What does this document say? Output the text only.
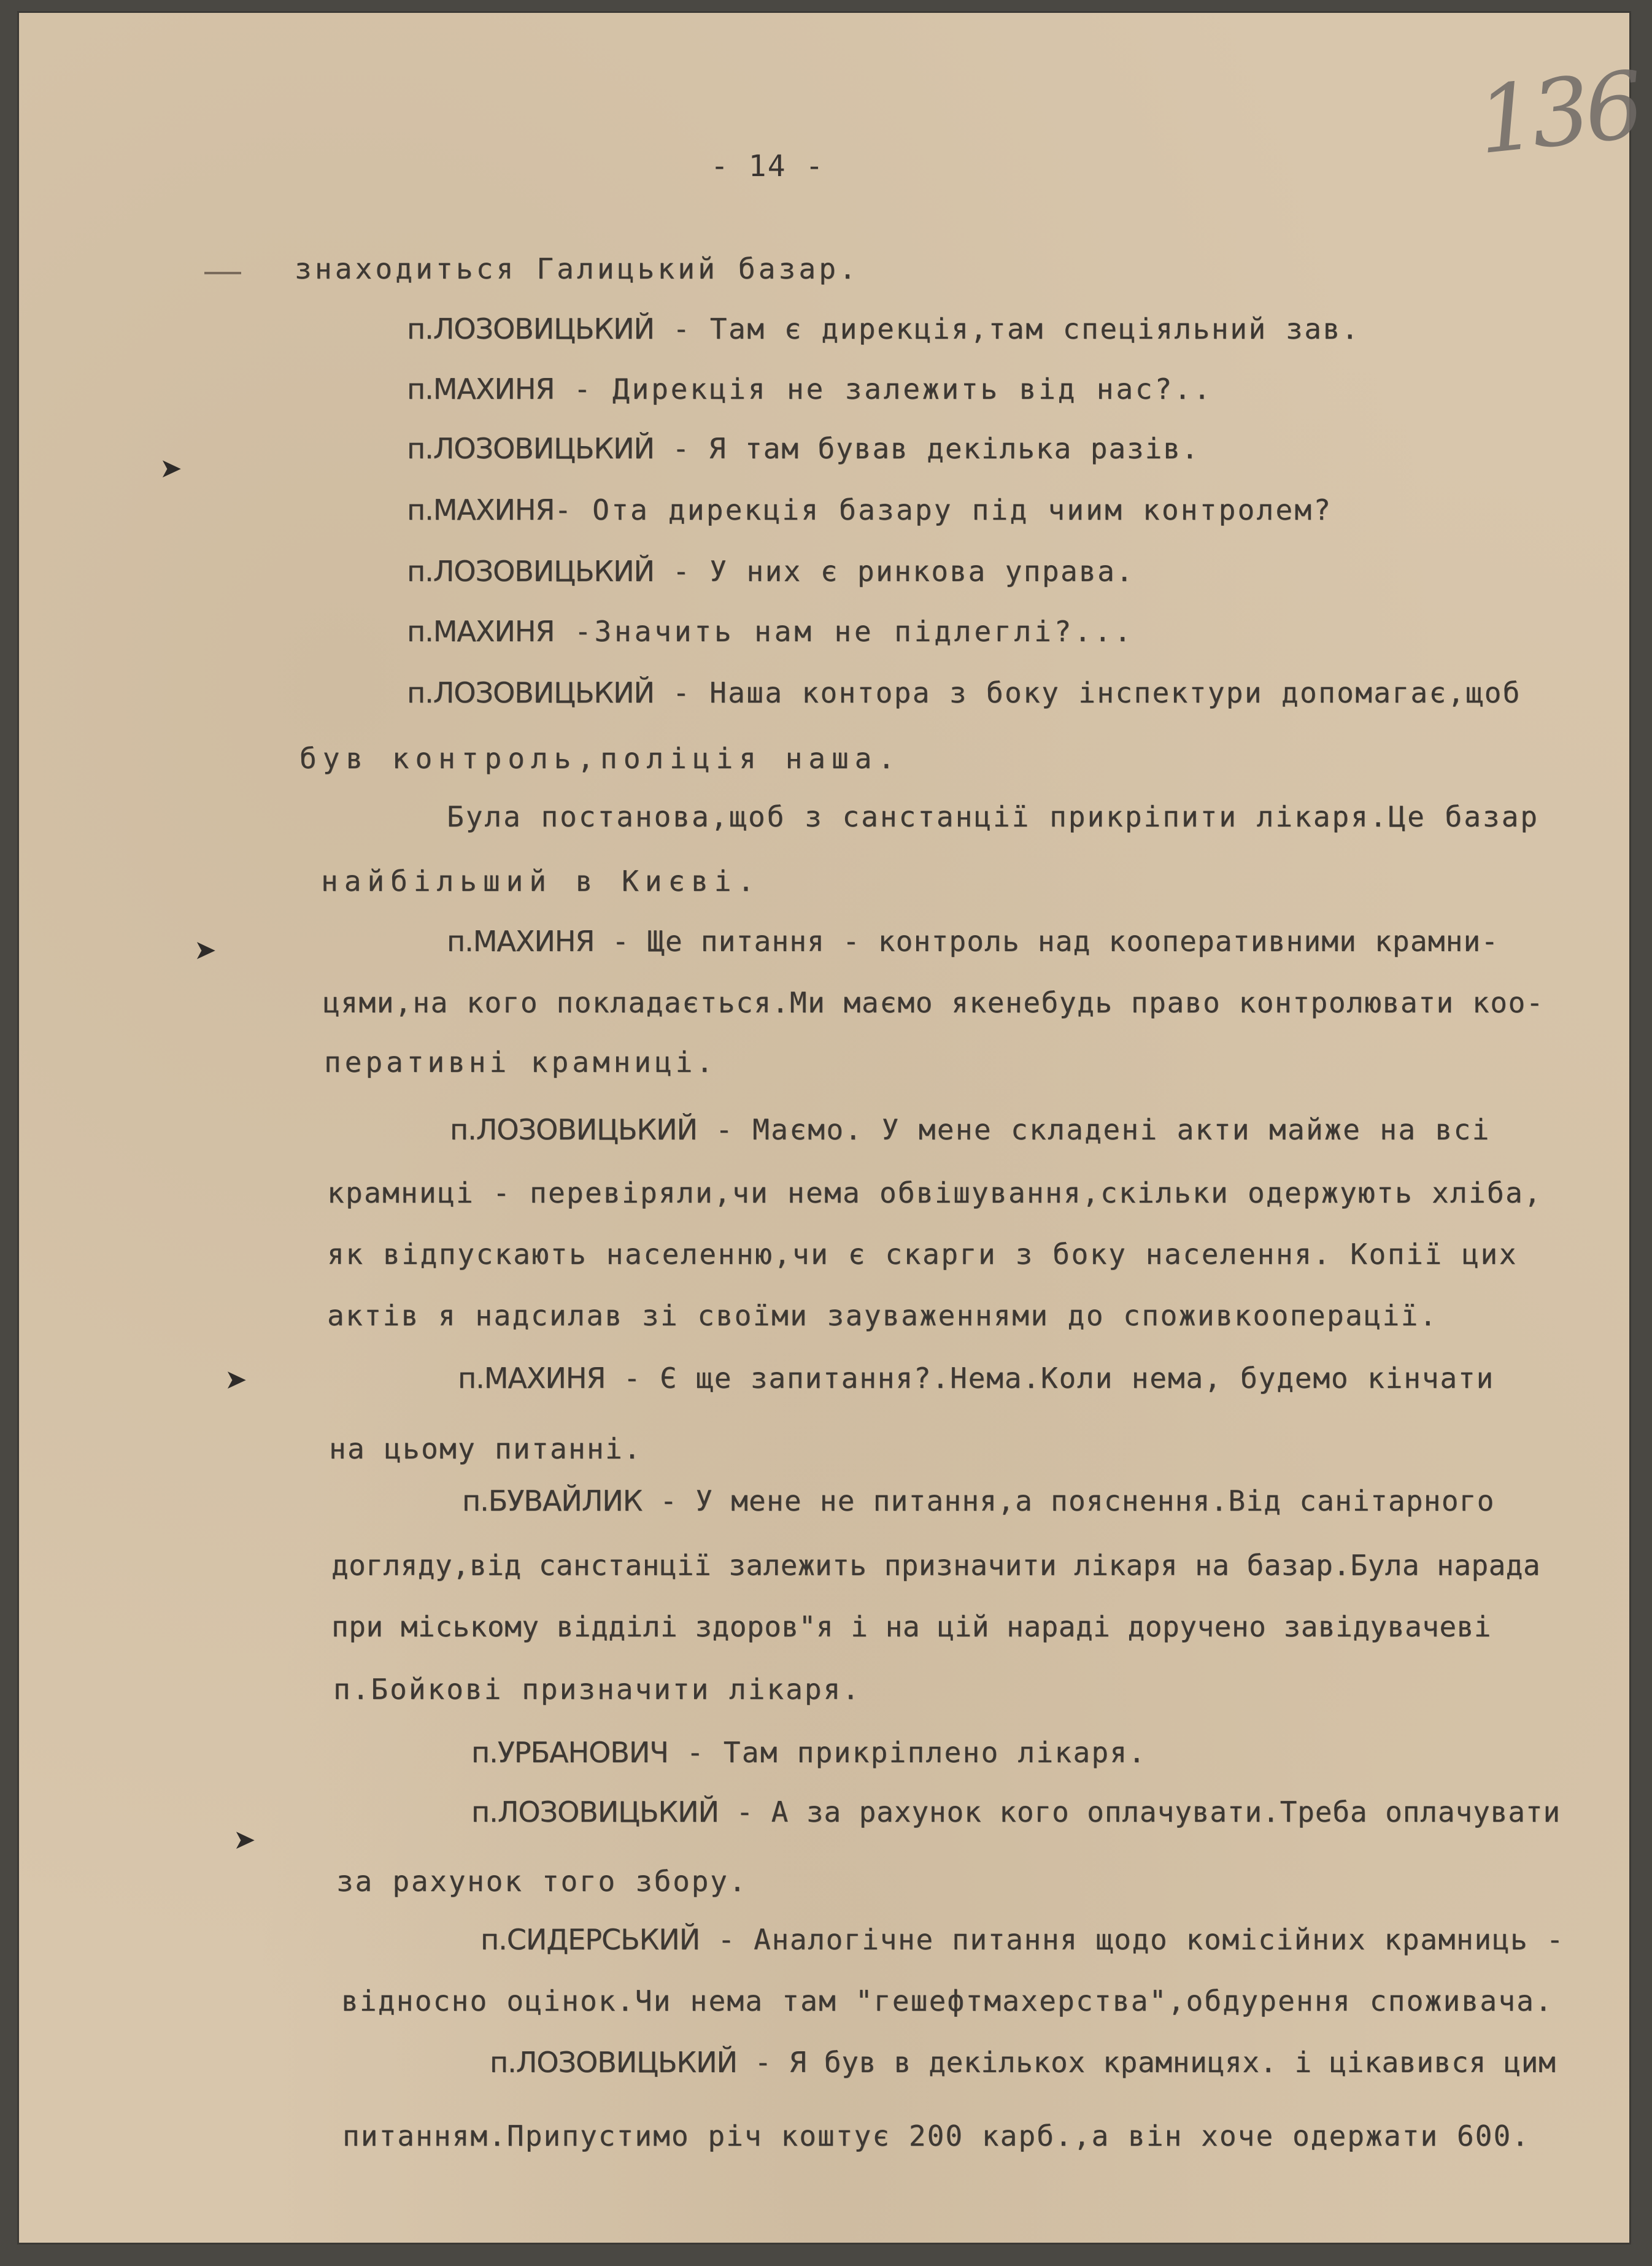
136
- 14 -
➤
➤
➤
➤

знаходиться Галицький базар.

п.ЛОЗОВИЦЬКИЙ - Там є дирекція,там спеціяльний зав.

п.МАХИНЯ - Дирекція не залежить від нас?..

п.ЛОЗОВИЦЬКИЙ - Я там бував декілька разів.

п.МАХИНЯ- Ота дирекція базару під чиим контролем?

п.ЛОЗОВИЦЬКИЙ - У них є ринкова управа.

п.МАХИНЯ -Значить нам не підлеглі?...

п.ЛОЗОВИЦЬКИЙ - Наша контора з боку інспектури допомагає,щоб

був контроль,поліція наша.

Була постанова,щоб з санстанції прикріпити лікаря.Це базар

найбільший в Києві.

п.МАХИНЯ - Ще питання - контроль над кооперативними крамни-

цями,на кого покладається.Ми маємо якенебудь право контролювати коо-

перативні крамниці.

п.ЛОЗОВИЦЬКИЙ - Маємо. У мене складені акти майже на всі

крамниці - перевіряли,чи нема обвішування,скільки одержують хліба,

як відпускають населенню,чи є скарги з боку населення. Копії цих

актів я надсилав зі своїми зауваженнями до споживкооперації.

п.МАХИНЯ - Є ще запитання?.Нема.Коли нема, будемо кінчати

на цьому питанні.

п.БУВАЙЛИК - У мене не питання,а пояснення.Від санітарного

догляду,від санстанції залежить призначити лікаря на базар.Була нарада

при міському відділі здоров"я і на цій нараді доручено завідувачеві

п.Бойкові призначити лікаря.

п.УРБАНОВИЧ - Там прикріплено лікаря.

п.ЛОЗОВИЦЬКИЙ - А за рахунок кого оплачувати.Треба оплачувати

за рахунок того збору.

п.СИДЕРСЬКИЙ - Аналогічне питання щодо комісійних крамниць -

відносно оцінок.Чи нема там "гешефтмахерства",обдурення споживача.

п.ЛОЗОВИЦЬКИЙ - Я був в декількох крамницях. і цікавився цим

питанням.Припустимо річ коштує 200 карб.,а він хоче одержати 600.
